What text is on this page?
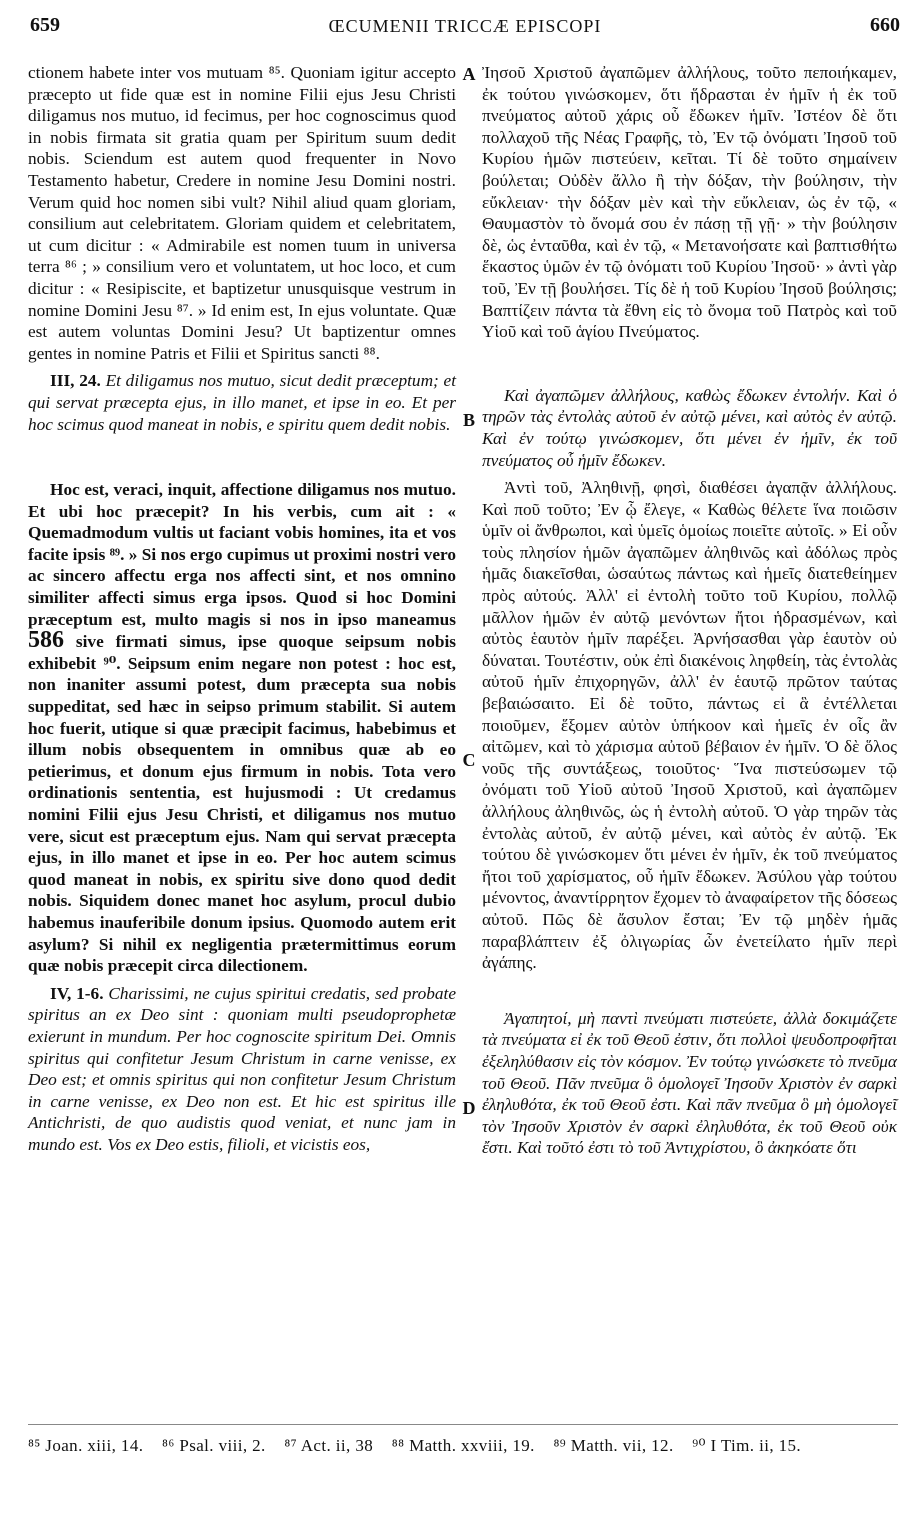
659	ŒCUMENII TRICCÆ EPISCOPI	660
A
B
C
D

ctionem habete inter vos mutuam ⁸⁵. Quoniam igitur accepto præcepto ut fide quæ est in nomine Filii ejus Jesu Christi diligamus nos mutuo, id fecimus, per hoc cognoscimus quod in nobis firmata sit gratia quam per Spiritum suum dedit nobis. Sciendum est autem quod frequenter in Novo Testamento habetur, Credere in nomine Jesu Domini nostri. Verum quid hoc nomen sibi vult? Nihil aliud quam gloriam, consilium aut celebritatem. Gloriam quidem et celebritatem, ut cum dicitur : « Admirabile est nomen tuum in universa terra ⁸⁶ ; » consilium vero et voluntatem, ut hoc loco, et cum dicitur : « Resipiscite, et baptizetur unusquisque vestrum in nomine Domini Jesu ⁸⁷. » Id enim est, In ejus voluntate. Quæ est autem voluntas Domini Jesu? Ut baptizentur omnes gentes in nomine Patris et Filii et Spiritus sancti ⁸⁸.

III, 24. Et diligamus nos mutuo, sicut dedit præceptum; et qui servat præcepta ejus, in illo manet, et ipse in eo. Et per hoc scimus quod maneat in nobis, e spiritu quem dedit nobis.

Hoc est, veraci, inquit, affectione diligamus nos mutuo. Et ubi hoc præcepit? In his verbis, cum ait : « Quemadmodum vultis ut faciant vobis homines, ita et vos facite ipsis ⁸⁹. » Si nos ergo cupimus ut proximi nostri vero ac sincero affectu erga nos affecti sint, et nos omnino similiter affecti simus erga ipsos. Quod si hoc Domini præceptum est, multo magis si nos in ipso maneamus 586 sive firmati simus, ipse quoque seipsum nobis exhibebit ⁹⁰. Seipsum enim negare non potest : hoc est, non inaniter assumi potest, dum præcepta sua nobis suppeditat, sed hæc in seipso primum stabilit. Si autem hoc fuerit, utique si quæ præcipit facimus, habebimus et illum nobis obsequentem in omnibus quæ ab eo petierimus, et donum ejus firmum in nobis. Tota vero ordinationis sententia, est hujusmodi : Ut credamus nomini Filii ejus Jesu Christi, et diligamus nos mutuo vere, sicut est præceptum ejus. Nam qui servat præcepta ejus, in illo manet et ipse in eo. Per hoc autem scimus quod maneat in nobis, ex spiritu sive dono quod dedit nobis. Siquidem donec manet hoc asylum, procul dubio habemus inauferibile donum ipsius. Quomodo autem erit asylum? Si nihil ex negligentia prætermittimus eorum quæ nobis præcepit circa dilectionem.

IV, 1-6. Charissimi, ne cujus spiritui credatis, sed probate spiritus an ex Deo sint : quoniam multi pseudoprophetæ exierunt in mundum. Per hoc cognoscite spiritum Dei. Omnis spiritus qui confitetur Jesum Christum in carne venisse, ex Deo est; et omnis spiritus qui non confitetur Jesum Christum in carne venisse, ex Deo non est. Et hic est spiritus ille Antichristi, de quo audistis quod veniat, et nunc jam in mundo est. Vos ex Deo estis, filioli, et vicistis eos,

Ἰησοῦ Χριστοῦ ἀγαπῶμεν ἀλλήλους, τοῦτο πεποιήκαμεν, ἐκ τούτου γινώσκομεν, ὅτι ἥδρασται ἐν ἡμῖν ἡ ἐκ τοῦ πνεύματος αὐτοῦ χάρις οὗ ἔδωκεν ἡμῖν. Ἰστέον δὲ ὅτι πολλαχοῦ τῆς Νέας Γραφῆς, τὸ, Ἐν τῷ ὀνόματι Ἰησοῦ τοῦ Κυρίου ἡμῶν πιστεύειν, κεῖται. Τί δὲ τοῦτο σημαίνειν βούλεται; Οὐδὲν ἄλλο ἢ τὴν δόξαν, τὴν βούλησιν, τὴν εὔκλειαν· τὴν δόξαν μὲν καὶ τὴν εὔκλειαν, ὡς ἐν τῷ, « Θαυμαστὸν τὸ ὄνομά σου ἐν πάσῃ τῇ γῇ· » τὴν βούλησιν δὲ, ὡς ἐνταῦθα, καὶ ἐν τῷ, « Μετανοήσατε καὶ βαπτισθήτω ἕκαστος ὑμῶν ἐν τῷ ὀνόματι τοῦ Κυρίου Ἰησοῦ· » ἀντὶ γὰρ τοῦ, Ἐν τῇ βουλήσει. Τίς δὲ ἡ τοῦ Κυρίου Ἰησοῦ βούλησις; Βαπτίζειν πάντα τὰ ἔθνη εἰς τὸ ὄνομα τοῦ Πατρὸς καὶ τοῦ Υἱοῦ καὶ τοῦ ἁγίου Πνεύματος.

Καὶ ἀγαπῶμεν ἀλλήλους, καθὼς ἔδωκεν ἐντολήν. Καὶ ὁ τηρῶν τὰς ἐντολὰς αὐτοῦ ἐν αὐτῷ μένει, καὶ αὐτὸς ἐν αὐτῷ. Καὶ ἐν τούτῳ γινώσκομεν, ὅτι μένει ἐν ἡμῖν, ἐκ τοῦ πνεύματος οὗ ἡμῖν ἔδωκεν.

Ἀντὶ τοῦ, Ἀληθινῇ, φησὶ, διαθέσει ἀγαπᾷν ἀλλήλους. Καὶ ποῦ τοῦτο; Ἐν ᾧ ἔλεγε, « Καθὼς θέλετε ἵνα ποιῶσιν ὑμῖν οἱ ἄνθρωποι, καὶ ὑμεῖς ὁμοίως ποιεῖτε αὐτοῖς. » Εἰ οὖν τοὺς πλησίον ἡμῶν ἀγαπῶμεν ἀληθινῶς καὶ ἀδόλως πρὸς ἡμᾶς διακεῖσθαι, ὡσαύτως πάντως καὶ ἡμεῖς διατεθείημεν πρὸς αὐτούς. Ἀλλ' εἰ ἐντολὴ τοῦτο τοῦ Κυρίου, πολλῷ μᾶλλον ἡμῶν ἐν αὐτῷ μενόντων ἤτοι ἡδρασμένων, καὶ αὐτὸς ἑαυτὸν ἡμῖν παρέξει. Ἀρνήσασθαι γὰρ ἑαυτὸν οὐ δύναται. Τουτέστιν, οὐκ ἐπὶ διακένοις ληφθείη, τὰς ἐντολὰς αὐτοῦ ἡμῖν ἐπιχορηγῶν, ἀλλ' ἐν ἑαυτῷ πρῶτον ταύτας βεβαιώσαιτο. Εἰ δὲ τοῦτο, πάντως εἰ ἃ ἐντέλλεται ποιοῦμεν, ἕξομεν αὐτὸν ὑπήκοον καὶ ἡμεῖς ἐν οἷς ἂν αἰτῶμεν, καὶ τὸ χάρισμα αὐτοῦ βέβαιον ἐν ἡμῖν. Ὁ δὲ ὅλος νοῦς τῆς συντάξεως, τοιοῦτος· Ἵνα πιστεύσωμεν τῷ ὀνόματι τοῦ Υἱοῦ αὐτοῦ Ἰησοῦ Χριστοῦ, καὶ ἀγαπῶμεν ἀλλήλους ἀληθινῶς, ὡς ἡ ἐντολὴ αὐτοῦ. Ὁ γὰρ τηρῶν τὰς ἐντολὰς αὐτοῦ, ἐν αὐτῷ μένει, καὶ αὐτὸς ἐν αὐτῷ. Ἐκ τούτου δὲ γινώσκομεν ὅτι μένει ἐν ἡμῖν, ἐκ τοῦ πνεύματος ἤτοι τοῦ χαρίσματος, οὗ ἡμῖν ἔδωκεν. Ἀσύλου γὰρ τούτου μένοντος, ἀναντίρρητον ἔχομεν τὸ ἀναφαίρετον τῆς δόσεως αὐτοῦ. Πῶς δὲ ἄσυλον ἔσται; Ἐν τῷ μηδὲν ἡμᾶς παραβλάπτειν ἐξ ὀλιγωρίας ὧν ἐνετείλατο ἡμῖν περὶ ἀγάπης.

Ἀγαπητοί, μὴ παντὶ πνεύματι πιστεύετε, ἀλλὰ δοκιμάζετε τὰ πνεύματα εἰ ἐκ τοῦ Θεοῦ ἐστιν, ὅτι πολλοὶ ψευδοπροφῆται ἐξεληλύθασιν εἰς τὸν κόσμον. Ἐν τούτῳ γινώσκετε τὸ πνεῦμα τοῦ Θεοῦ. Πᾶν πνεῦμα ὃ ὁμολογεῖ Ἰησοῦν Χριστὸν ἐν σαρκὶ ἐληλυθότα, ἐκ τοῦ Θεοῦ ἐστι. Καὶ πᾶν πνεῦμα ὃ μὴ ὁμολογεῖ τὸν Ἰησοῦν Χριστὸν ἐν σαρκὶ ἐληλυθότα, ἐκ τοῦ Θεοῦ οὐκ ἔστι. Καὶ τοῦτό ἐστι τὸ τοῦ Ἀντιχρίστου, ὃ ἀκηκόατε ὅτι

⁸⁵ Joan. xiii, 14. ⁸⁶ Psal. viii, 2. ⁸⁷ Act. ii, 38 ⁸⁸ Matth. xxviii, 19. ⁸⁹ Matth. vii, 12. ⁹⁰ I Tim. ii, 15.
